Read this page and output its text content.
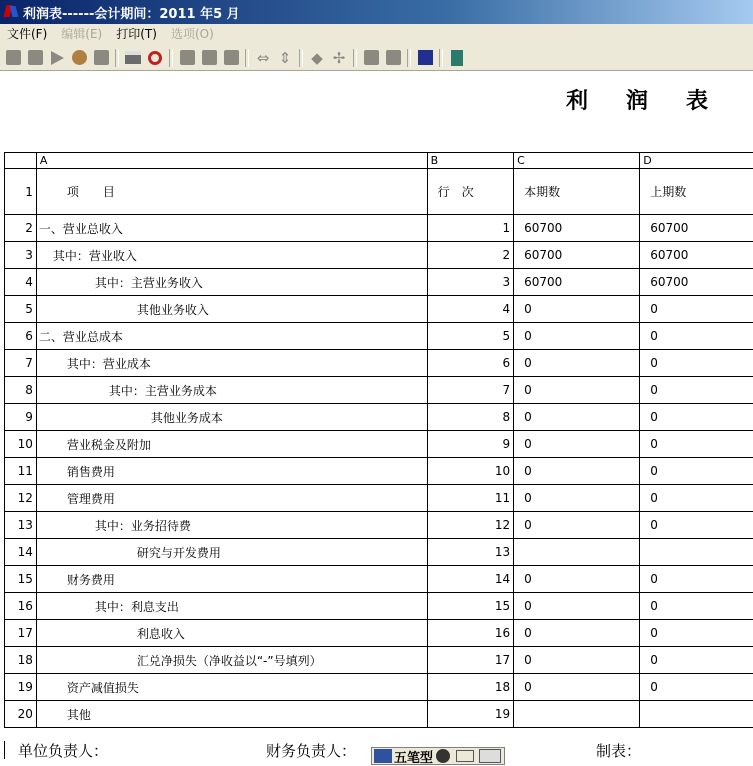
利润表------会计期间：2011 年5 月
文件(F)	编辑(E)	打印(T)	选项(O)
⇔ ⇕ ◆ ✢
利润表
	A	B	C	D
1	项　　目	行　次	本期数	上期数
2	一、营业总收入	1	60700	60700
3	其中：营业收入	2	60700	60700
4	其中：主营业务收入	3	60700	60700
5	其他业务收入	4	0	0
6	二、营业总成本	5	0	0
7	其中：营业成本	6	0	0
8	其中：主营业务成本	7	0	0
9	其他业务成本	8	0	0
10	营业税金及附加	9	0	0
11	销售费用	10	0	0
12	管理费用	11	0	0
13	其中：业务招待费	12	0	0
14	研究与开发费用	13		
15	财务费用	14	0	0
16	其中：利息支出	15	0	0
17	利息收入	16	0	0
18	汇兑净损失（净收益以“-”号填列）	17	0	0
19	资产减值损失	18	0	0
20	其他	19		
单位负责人：	财务负责人：	制表：
五笔型
